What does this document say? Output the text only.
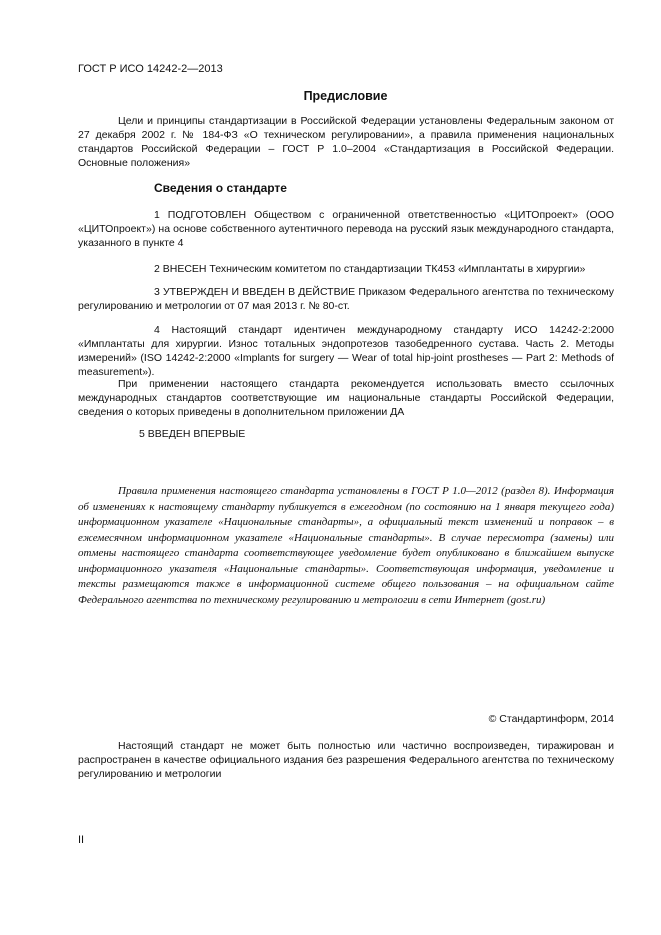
ГОСТ Р ИСО 14242-2—2013
Предисловие
Цели и принципы стандартизации в Российской Федерации установлены Федеральным законом от 27 декабря 2002 г. № 184-ФЗ «О техническом регулировании», а правила применения национальных стандартов Российской Федерации – ГОСТ Р 1.0–2004 «Стандартизация в Российской Федерации. Основные положения»
Сведения о стандарте
1 ПОДГОТОВЛЕН Обществом с ограниченной ответственностью «ЦИТОпроект» (ООО «ЦИТОпроект») на основе собственного аутентичного перевода на русский язык международного стандарта, указанного в пункте 4
2 ВНЕСЕН Техническим комитетом по стандартизации ТК453 «Имплантаты в хирургии»
3 УТВЕРЖДЕН И ВВЕДЕН В ДЕЙСТВИЕ Приказом Федерального агентства по техническому регулированию и метрологии от 07 мая 2013 г. № 80-ст.
4 Настоящий стандарт идентичен международному стандарту ИСО 14242-2:2000 «Имплантаты для хирургии. Износ тотальных эндопротезов тазобедренного сустава. Часть 2. Методы измерений» (ISO 14242-2:2000 «Implants for surgery — Wear of total hip-joint prostheses — Part 2: Methods of measurement»).
При применении настоящего стандарта рекомендуется использовать вместо ссылочных международных стандартов соответствующие им национальные стандарты Российской Федерации, сведения о которых приведены в дополнительном приложении ДА
5 ВВЕДЕН ВПЕРВЫЕ
Правила применения настоящего стандарта установлены в ГОСТ Р 1.0—2012 (раздел 8). Информация об изменениях к настоящему стандарту публикуется в ежегодном (по состоянию на 1 января текущего года) информационном указателе «Национальные стандарты», а официальный текст изменений и поправок – в ежемесячном информационном указателе «Национальные стандарты». В случае пересмотра (замены) или отмены настоящего стандарта соответствующее уведомление будет опубликовано в ближайшем выпуске информационного указателя «Национальные стандарты». Соответствующая информация, уведомление и тексты размещаются также в информационной системе общего пользования – на официальном сайте Федерального агентства по техническому регулированию и метрологии в сети Интернет (gost.ru)
© Стандартинформ, 2014
Настоящий стандарт не может быть полностью или частично воспроизведен, тиражирован и распространен в качестве официального издания без разрешения Федерального агентства по техническому регулированию и метрологии
II
